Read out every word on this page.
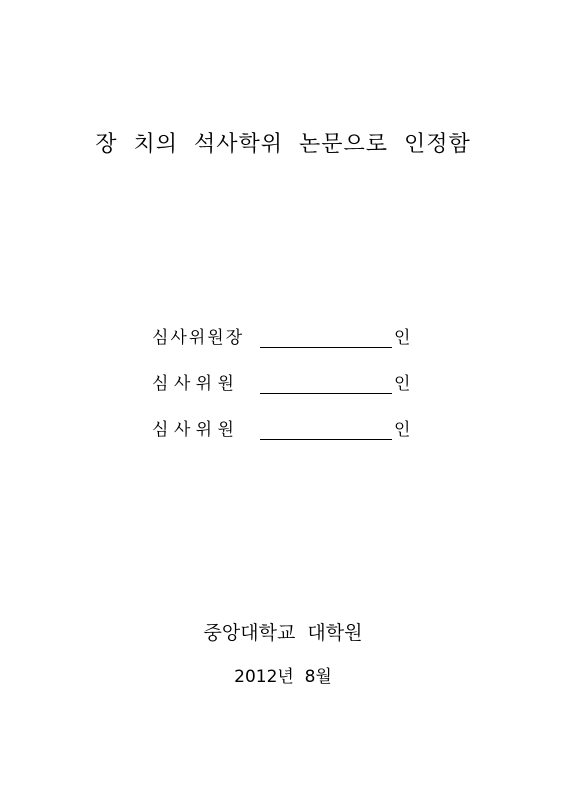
장  치의  석사학위  논문으로  인정함
심사위원장	인
심 사 위 원	인
심 사 위 원	인
중앙대학교  대학원
2012년  8월
